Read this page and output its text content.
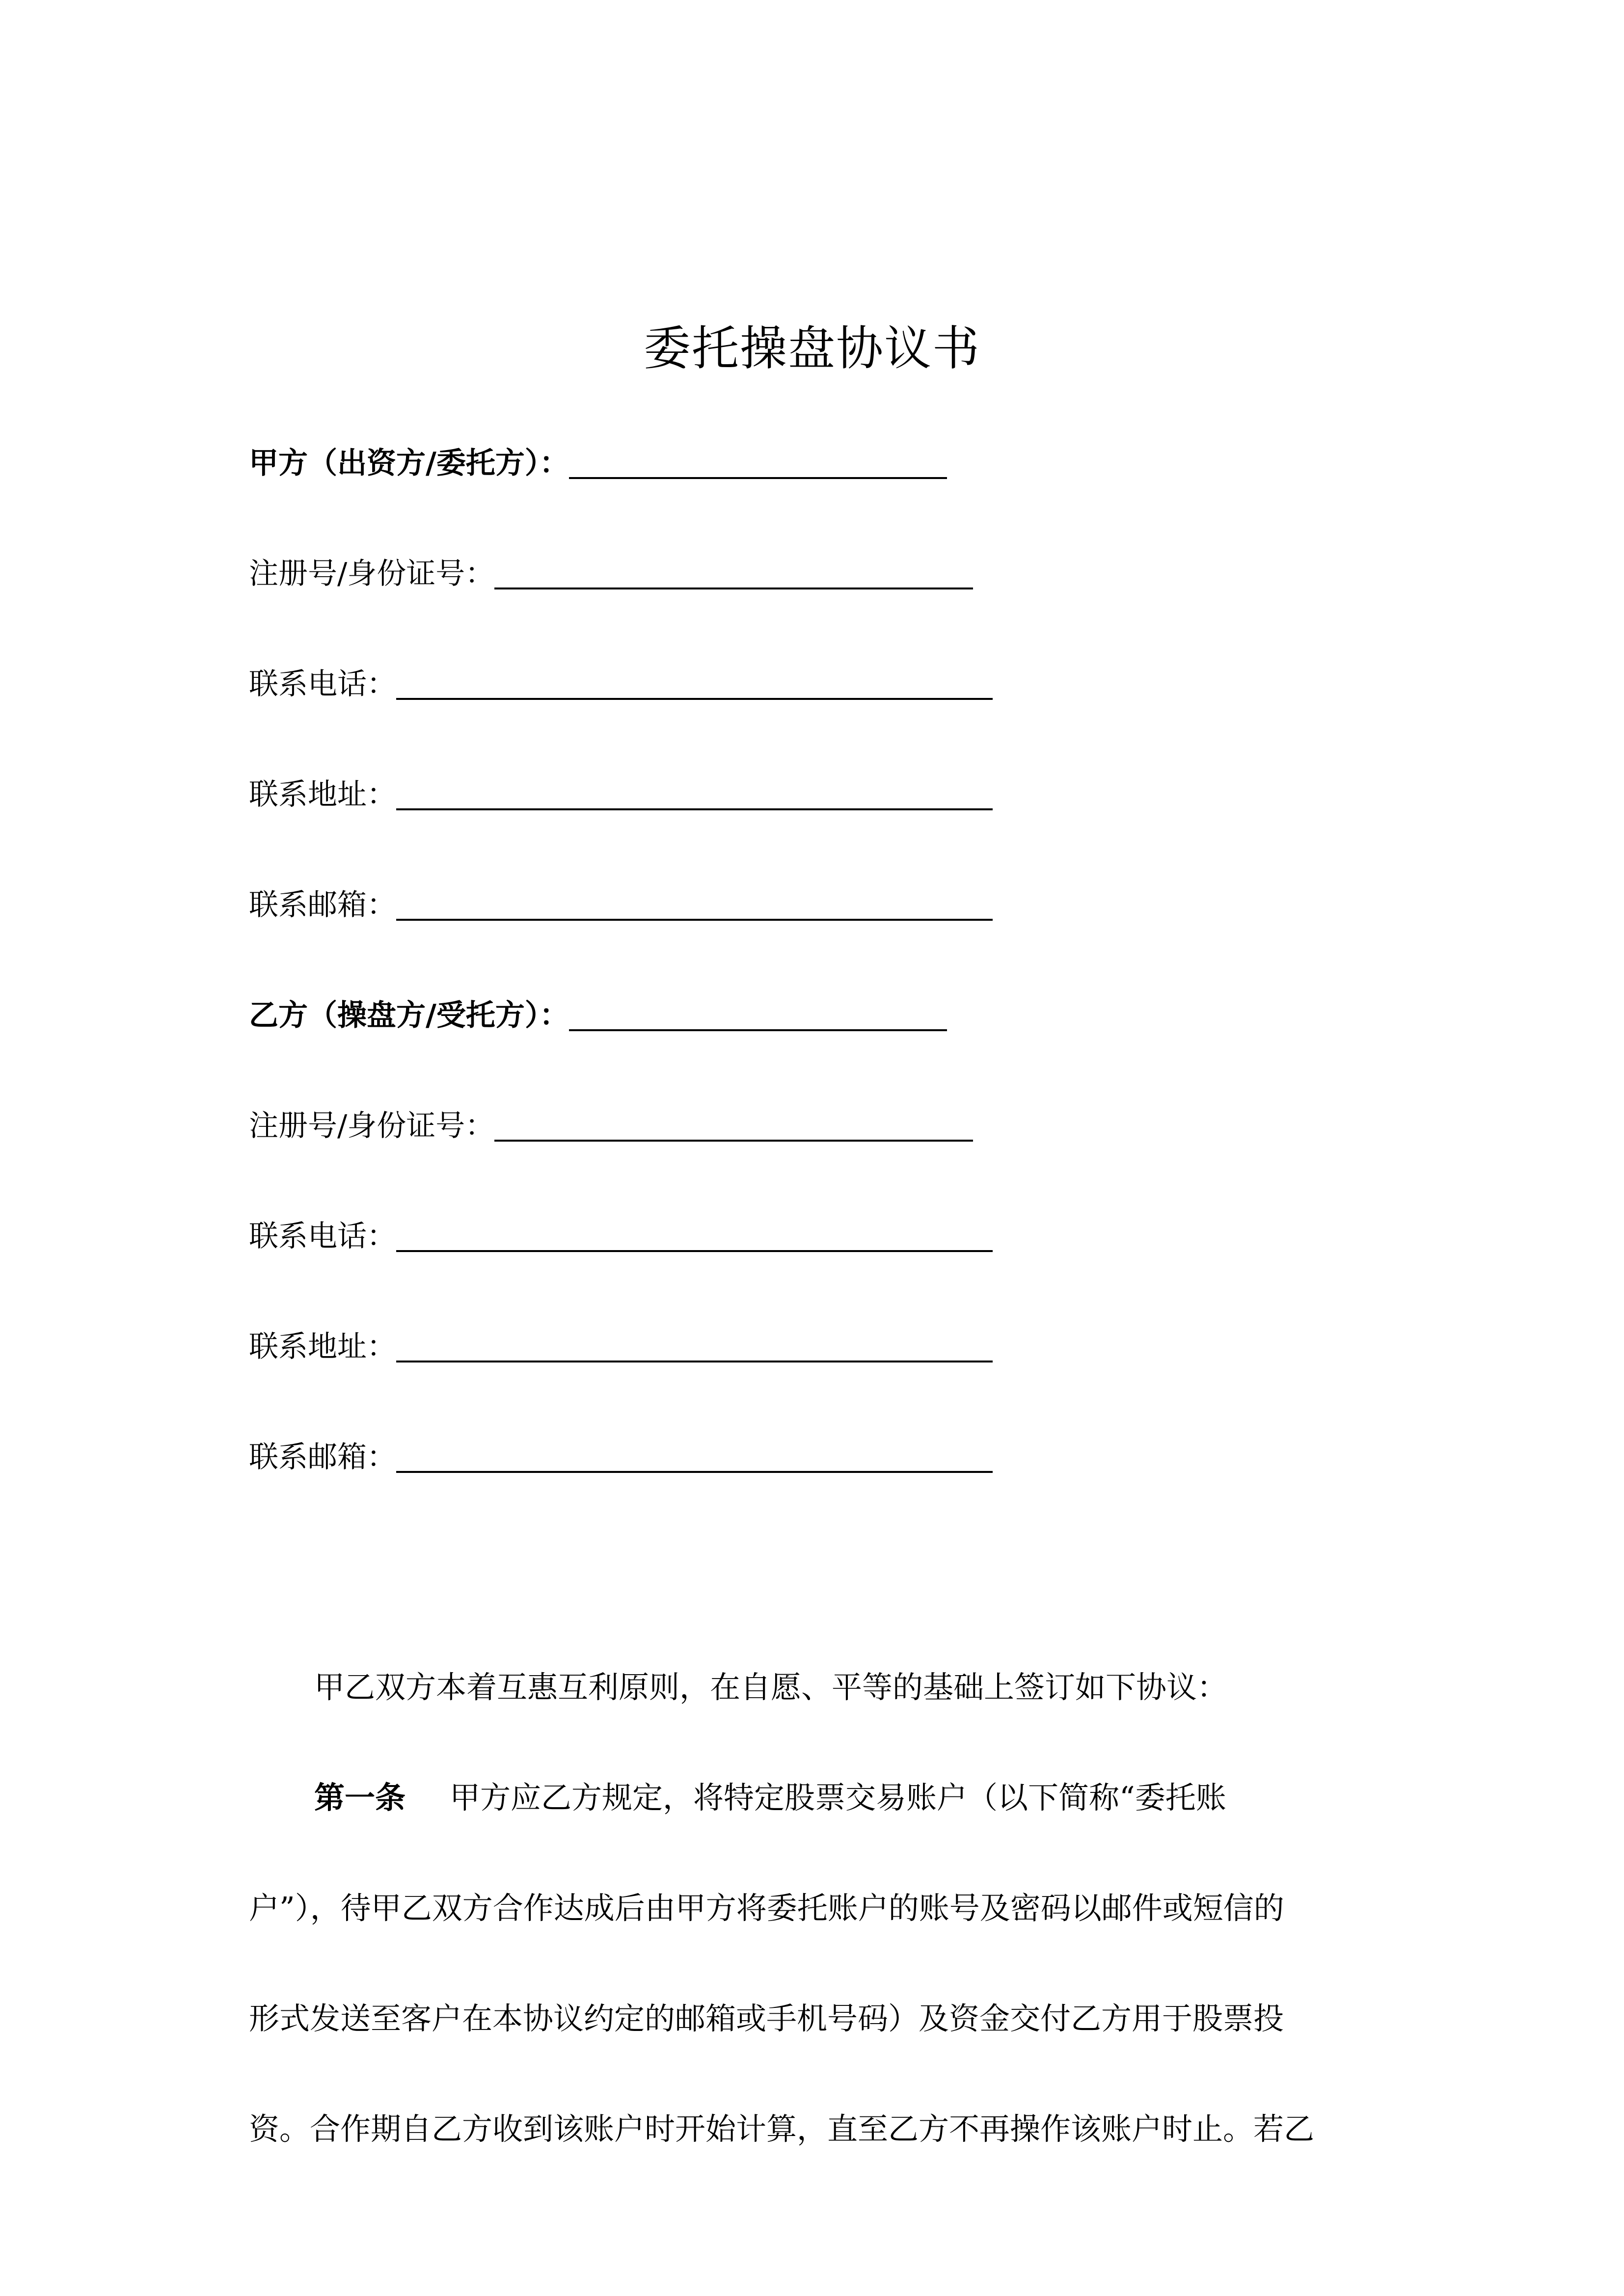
委托操盘协议书
甲方（出资方/委托方）：
注册号/身份证号：
联系电话：
联系地址：
联系邮箱：
乙方（操盘方/受托方）：
注册号/身份证号：
联系电话：
联系地址：
联系邮箱：
甲乙双方本着互惠互利原则，在自愿、平等的基础上签订如下协议：
第一条 甲方应乙方规定，将特定股票交易账户（以下简称“委托账
户”），待甲乙双方合作达成后由甲方将委托账户的账号及密码以邮件或短信的
形式发送至客户在本协议约定的邮箱或手机号码）及资金交付乙方用于股票投
资。合作期自乙方收到该账户时开始计算，直至乙方不再操作该账户时止。若乙
